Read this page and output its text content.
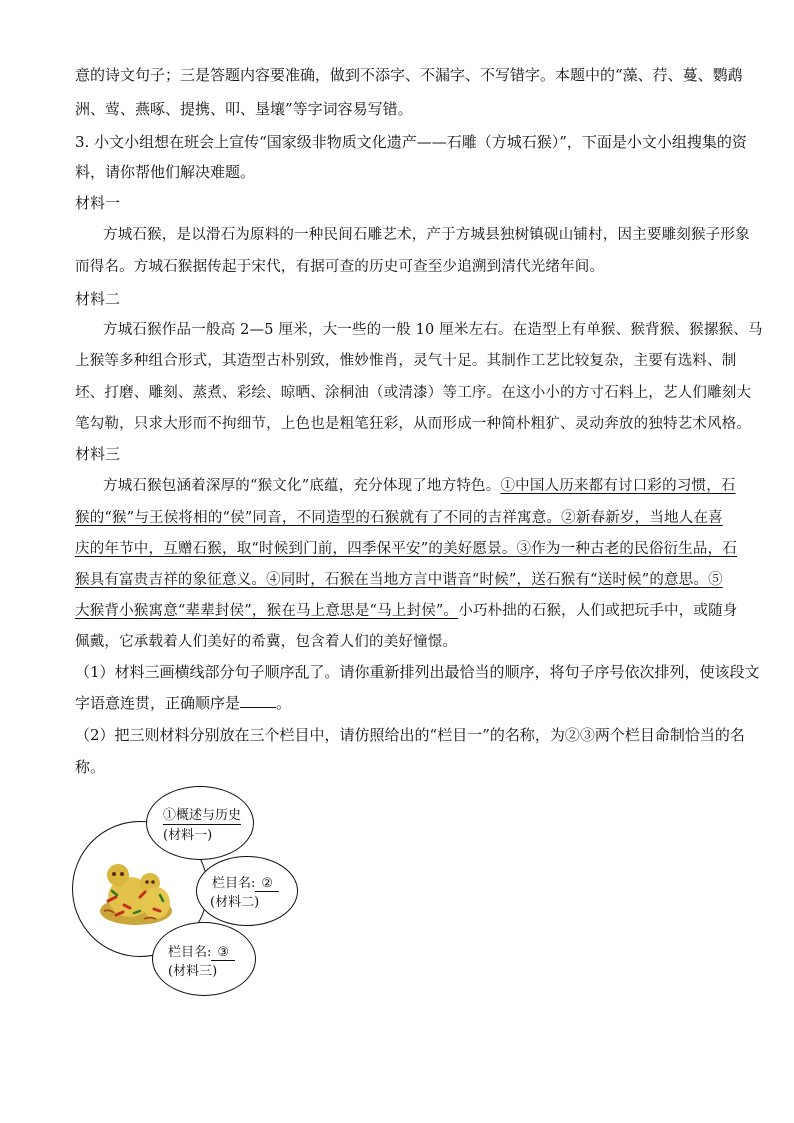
意的诗文句子；三是答题内容要准确，做到不添字、不漏字、不写错字。本题中的“藻、荇、蔓、鹦鹉
洲、莺、燕啄、提携、叩、垦壤”等字词容易写错。
3. 小文小组想在班会上宣传“国家级非物质文化遗产——石雕（方城石猴）”，下面是小文小组搜集的资
料，请你帮他们解决难题。
材料一
方城石猴，是以滑石为原料的一种民间石雕艺术，产于方城县独树镇砚山铺村，因主要雕刻猴子形象
而得名。方城石猴据传起于宋代，有据可查的历史可查至少追溯到清代光绪年间。
材料二
方城石猴作品一般高 2—5 厘米，大一些的一般 10 厘米左右。在造型上有单猴、猴背猴、猴摞猴、马
上猴等多种组合形式，其造型古朴别致，惟妙惟肖，灵气十足。其制作工艺比较复杂，主要有选料、制
坯、打磨、雕刻、蒸煮、彩绘、晾晒、涂桐油（或清漆）等工序。在这小小的方寸石料上，艺人们雕刻大
笔勾勒，只求大形而不拘细节，上色也是粗笔狂彩，从而形成一种简朴粗犷、灵动奔放的独特艺术风格。
材料三
方城石猴包涵着深厚的“猴文化”底蕴，充分体现了地方特色。①中国人历来都有讨口彩的习惯，石
猴的“猴”与王侯将相的“侯”同音，不同造型的石猴就有了不同的吉祥寓意。②新春新岁，当地人在喜
庆的年节中，互赠石猴，取“时候到门前，四季保平安”的美好愿景。③作为一种古老的民俗衍生品，石
猴具有富贵吉祥的象征意义。④同时，石猴在当地方言中谐音“时候”，送石猴有“送时候”的意思。⑤
大猴背小猴寓意“辈辈封侯”，猴在马上意思是“马上封侯”。小巧朴拙的石猴，人们或把玩手中，或随身
佩戴，它承载着人们美好的希冀，包含着人们的美好憧憬。
（1）材料三画横线部分句子顺序乱了。请你重新排列出最恰当的顺序，将句子序号依次排列，使该段文
字语意连贯，正确顺序是 。
（2）把三则材料分别放在三个栏目中，请仿照给出的“栏目一”的名称，为②③两个栏目命制恰当的名
称。
①概述与历史
(材料一)
栏目名: ②
(材料二)
栏目名: ③
(材料三)
